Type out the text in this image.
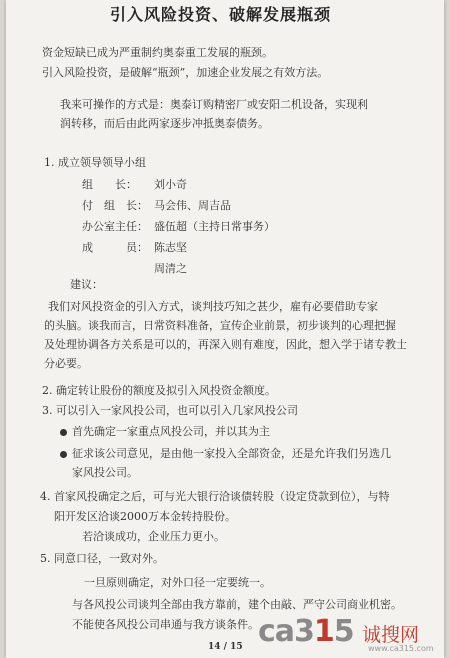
引入风险投资、破解发展瓶颈
资金短缺已成为严重制约奥泰重工发展的瓶颈。
引入风险投资，是破解“瓶颈”，加速企业发展之有效方法。
我来可操作的方式是：奥泰订购精密厂或安阳二机设备，实现利
润转移，而后由此两家逐步冲抵奥泰债务。
1. 成立领导领导小组
组　　长： 刘小奇
付　组　长： 马会伟、周吉品
办公室主任： 盛伍超（主持日常事务）
成　　　员： 陈志坚
周清之
建议：
我们对风投资金的引入方式，谈判技巧知之甚少，雇有必要借助专家
的头脑。谈我而言，日常资料准备，宣传企业前景，初步谈判的心理把握
及处理协调各方关系是可以的，再深入则有难度，因此，想入学于诸专教士
分必要。
2. 确定转让股份的额度及拟引入风投资金额度。
3. 可以引入一家风投公司，也可以引入几家风投公司
首先确定一家重点风投公司，并以其为主
征求该公司意见，是由他一家投入全部资金，还是允许我们另选几
家风投公司。
4. 首家风投确定之后，可与光大银行洽谈债转股（设定贷款到位），与特
阳开发区洽谈2000万本金转持股份。
若洽谈成功，企业压力更小。
5. 同意口径，一致对外。
一旦原则确定，对外口径一定要统一。
与各风投公司谈判全部由我方靠前，建个由敲、严守公司商业机密。
不能使各风投公司串通与我方谈条件。
14 / 15 ca315 诚搜网
www.ca315.com
